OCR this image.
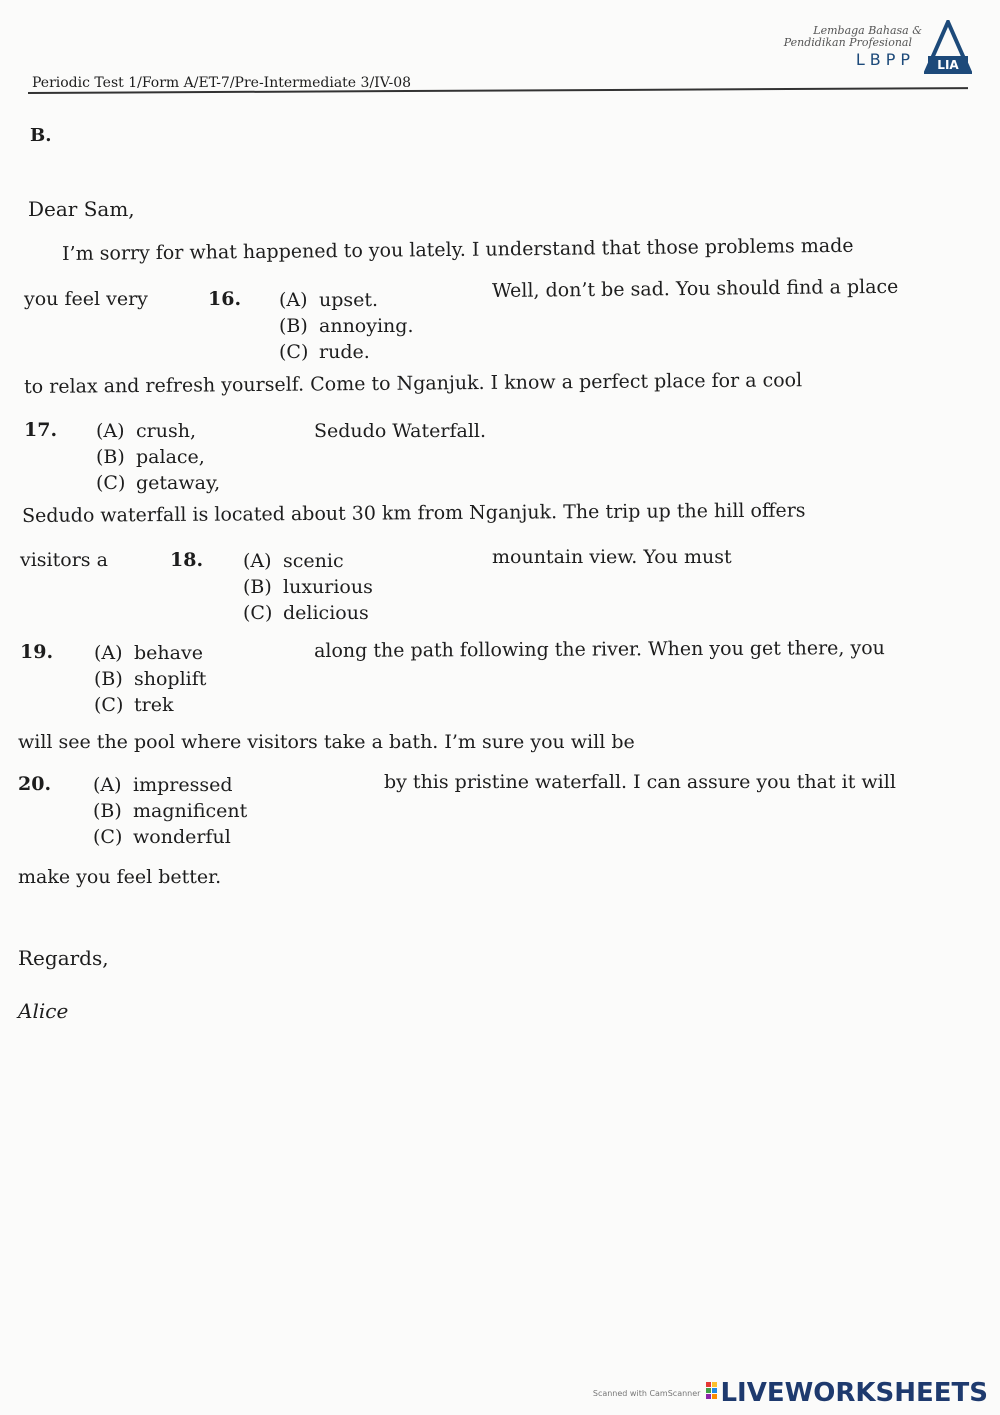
Periodic Test 1/Form A/ET-7/Pre-Intermediate 3/IV-08
Lembaga Bahasa &
Pendidikan Profesional
LBPP LIA
B.
Dear Sam,
I’m sorry for what happened to you lately. I understand that those problems made
you feel very	16. (A) upset.
(B) annoying.
(C) rude.
Well, don’t be sad. You should find a place
to relax and refresh yourself. Come to Nganjuk. I know a perfect place for a cool
17. (A) crush,
(B) palace,
(C) getaway,
Sedudo Waterfall.
Sedudo waterfall is located about 30 km from Nganjuk. The trip up the hill offers
visitors a	18. (A) scenic
(B) luxurious
(C) delicious
mountain view. You must
19. (A) behave
(B) shoplift
(C) trek
along the path following the river. When you get there, you
will see the pool where visitors take a bath. I’m sure you will be
20. (A) impressed
(B) magnificent
(C) wonderful
by this pristine waterfall. I can assure you that it will
make you feel better.
Regards,
Alice
Scanned with CamScanner LIVEWORKSHEETS
